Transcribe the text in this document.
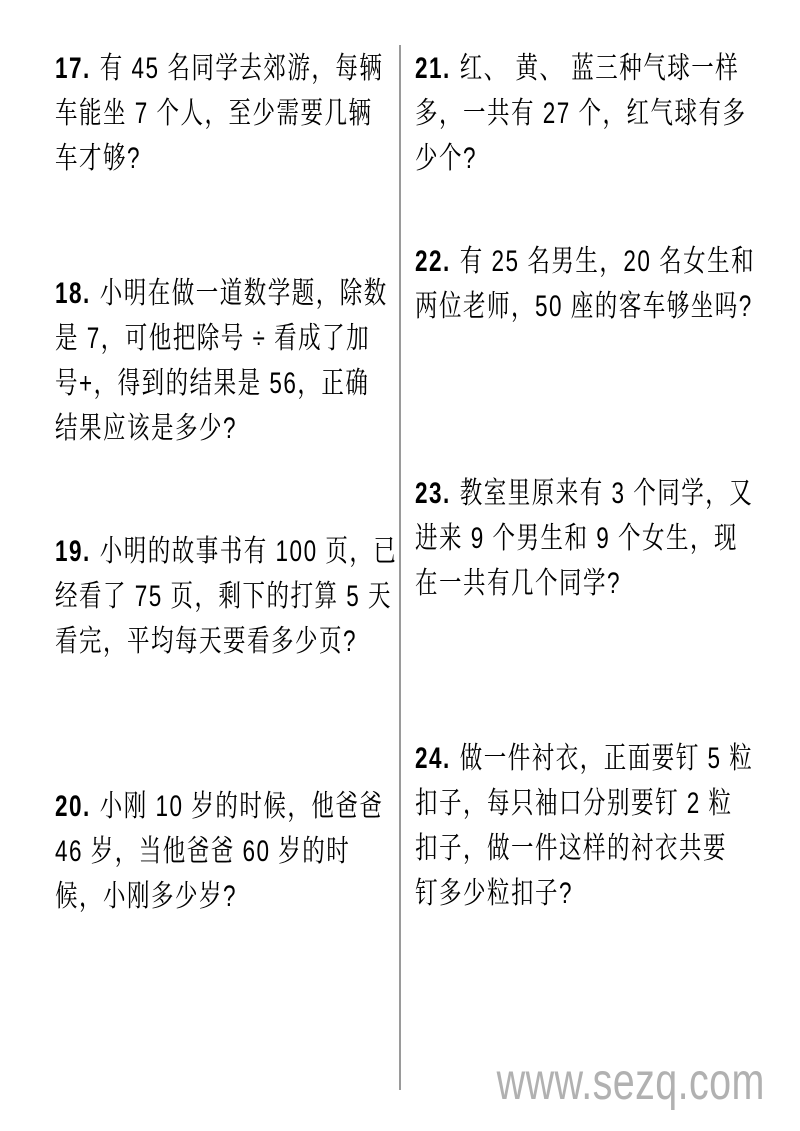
17. 有 45 名同学去郊游，每辆
车能坐 7 个人，至少需要几辆
车才够?
18. 小明在做一道数学题，除数
是 7，可他把除号 ÷ 看成了加
号+，得到的结果是 56，正确
结果应该是多少?
19. 小明的故事书有 100 页，已
经看了 75 页，剩下的打算 5 天
看完，平均每天要看多少页?
20. 小刚 10 岁的时候，他爸爸
46 岁，当他爸爸 60 岁的时
候，小刚多少岁?
21. 红、 黄、 蓝三种气球一样
多，一共有 27 个，红气球有多
少个?
22. 有 25 名男生，20 名女生和
两位老师，50 座的客车够坐吗?
23. 教室里原来有 3 个同学，又
进来 9 个男生和 9 个女生，现
在一共有几个同学?
24. 做一件衬衣，正面要钉 5 粒
扣子，每只袖口分别要钉 2 粒
扣子，做一件这样的衬衣共要
钉多少粒扣子?
www.sezq.com
